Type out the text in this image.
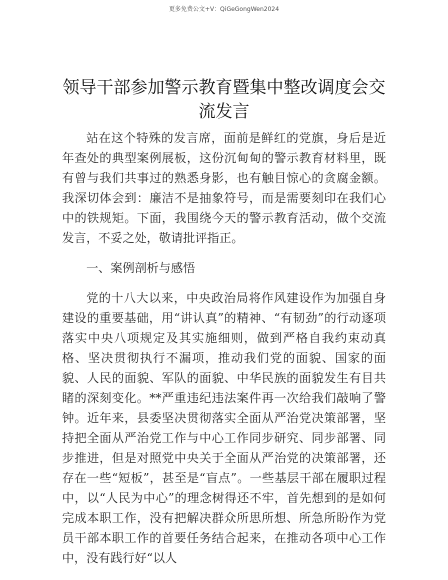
更多免费公文+V：QiGeGongWen2024
领导干部参加警示教育暨集中整改调度会交流发言

站在这个特殊的发言席，面前是鲜红的党旗，身后是近年查处的典型案例展板，这份沉甸甸的警示教育材料里，既有曾与我们共事过的熟悉身影，也有触目惊心的贪腐金额。我深切体会到：廉洁不是抽象符号，而是需要刻印在我们心中的铁规矩。下面，我围绕今天的警示教育活动，做个交流发言，不妥之处，敬请批评指正。

一、案例剖析与感悟

党的十八大以来，中央政治局将作风建设作为加强自身建设的重要基础，用“讲认真”的精神、“有韧劲”的行动逐项落实中央八项规定及其实施细则，做到严格自我约束动真格、坚决贯彻执行不漏项，推动我们党的面貌、国家的面貌、人民的面貌、军队的面貌、中华民族的面貌发生有目共睹的深刻变化。**严重违纪违法案件再一次给我们敲响了警钟。近年来，县委坚决贯彻落实全面从严治党决策部署，坚持把全面从严治党工作与中心工作同步研究、同步部署、同步推进，但是对照党中央关于全面从严治党的决策部署，还存在一些“短板”，甚至是“盲点”。一些基层干部在履职过程中，以“人民为中心”的理念树得还不牢，首先想到的是如何完成本职工作，没有把解决群众所思所想、所急所盼作为党员干部本职工作的首要任务结合起来，在推动各项中心工作中，没有践行好“以人
